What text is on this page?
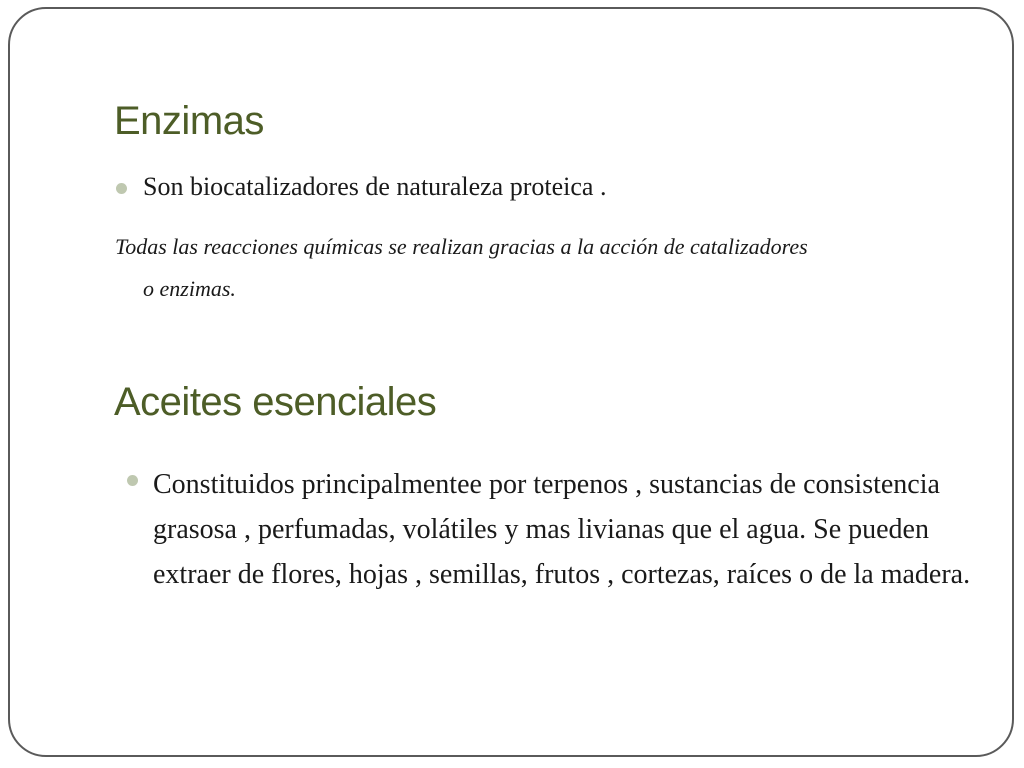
Enzimas
Son biocatalizadores de naturaleza proteica .

Todas las reacciones químicas se realizan gracias a la acción de catalizadores
o enzimas.

Aceites esenciales
Constituidos principalmentee por terpenos , sustancias de consistencia grasosa , perfumadas, volátiles y mas livianas que el agua. Se pueden extraer de flores, hojas , semillas, frutos , cortezas, raíces o de la madera.
